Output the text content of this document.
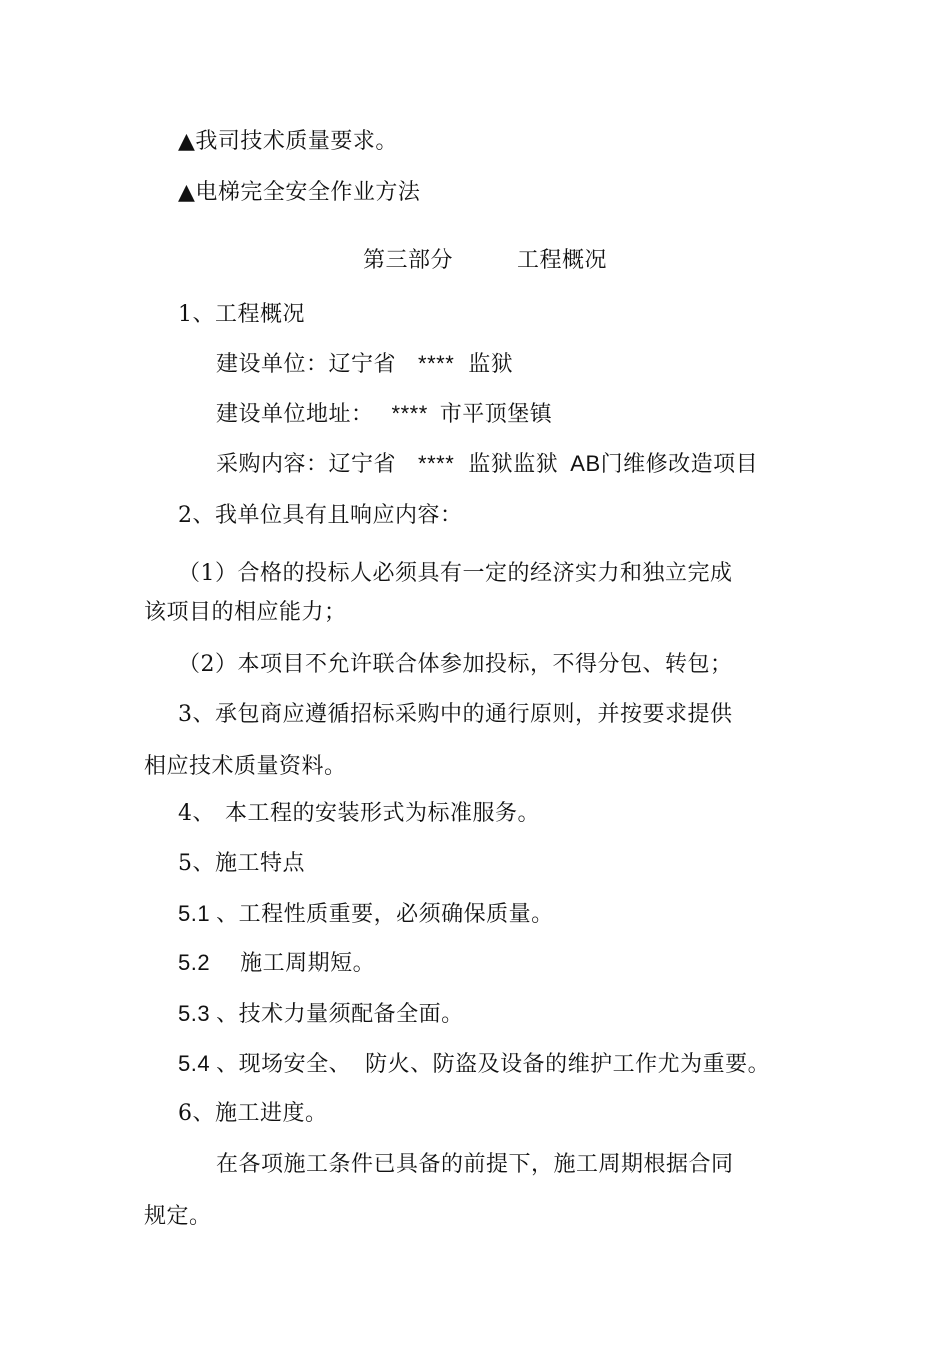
▲我司技术质量要求。
▲电梯完全安全作业方法
第三部分	工程概况
1、工程概况
建设单位：辽宁省 **** 监狱
建设单位地址： **** 市平顶堡镇
采购内容：辽宁省 **** 监狱监狱 AB门维修改造项目
2、我单位具有且响应内容：
（1）合格的投标人必须具有一定的经济实力和独立完成
该项目的相应能力；
（2）本项目不允许联合体参加投标，不得分包、转包；
3、承包商应遵循招标采购中的通行原则，并按要求提供
相应技术质量资料。
4、 本工程的安装形式为标准服务。
5、施工特点
5.1 、工程性质重要，必须确保质量。
5.2 施工周期短。
5.3 、技术力量须配备全面。
5.4 、现场安全、 防火、防盗及设备的维护工作尤为重要。
6、施工进度。
在各项施工条件已具备的前提下，施工周期根据合同
规定。
